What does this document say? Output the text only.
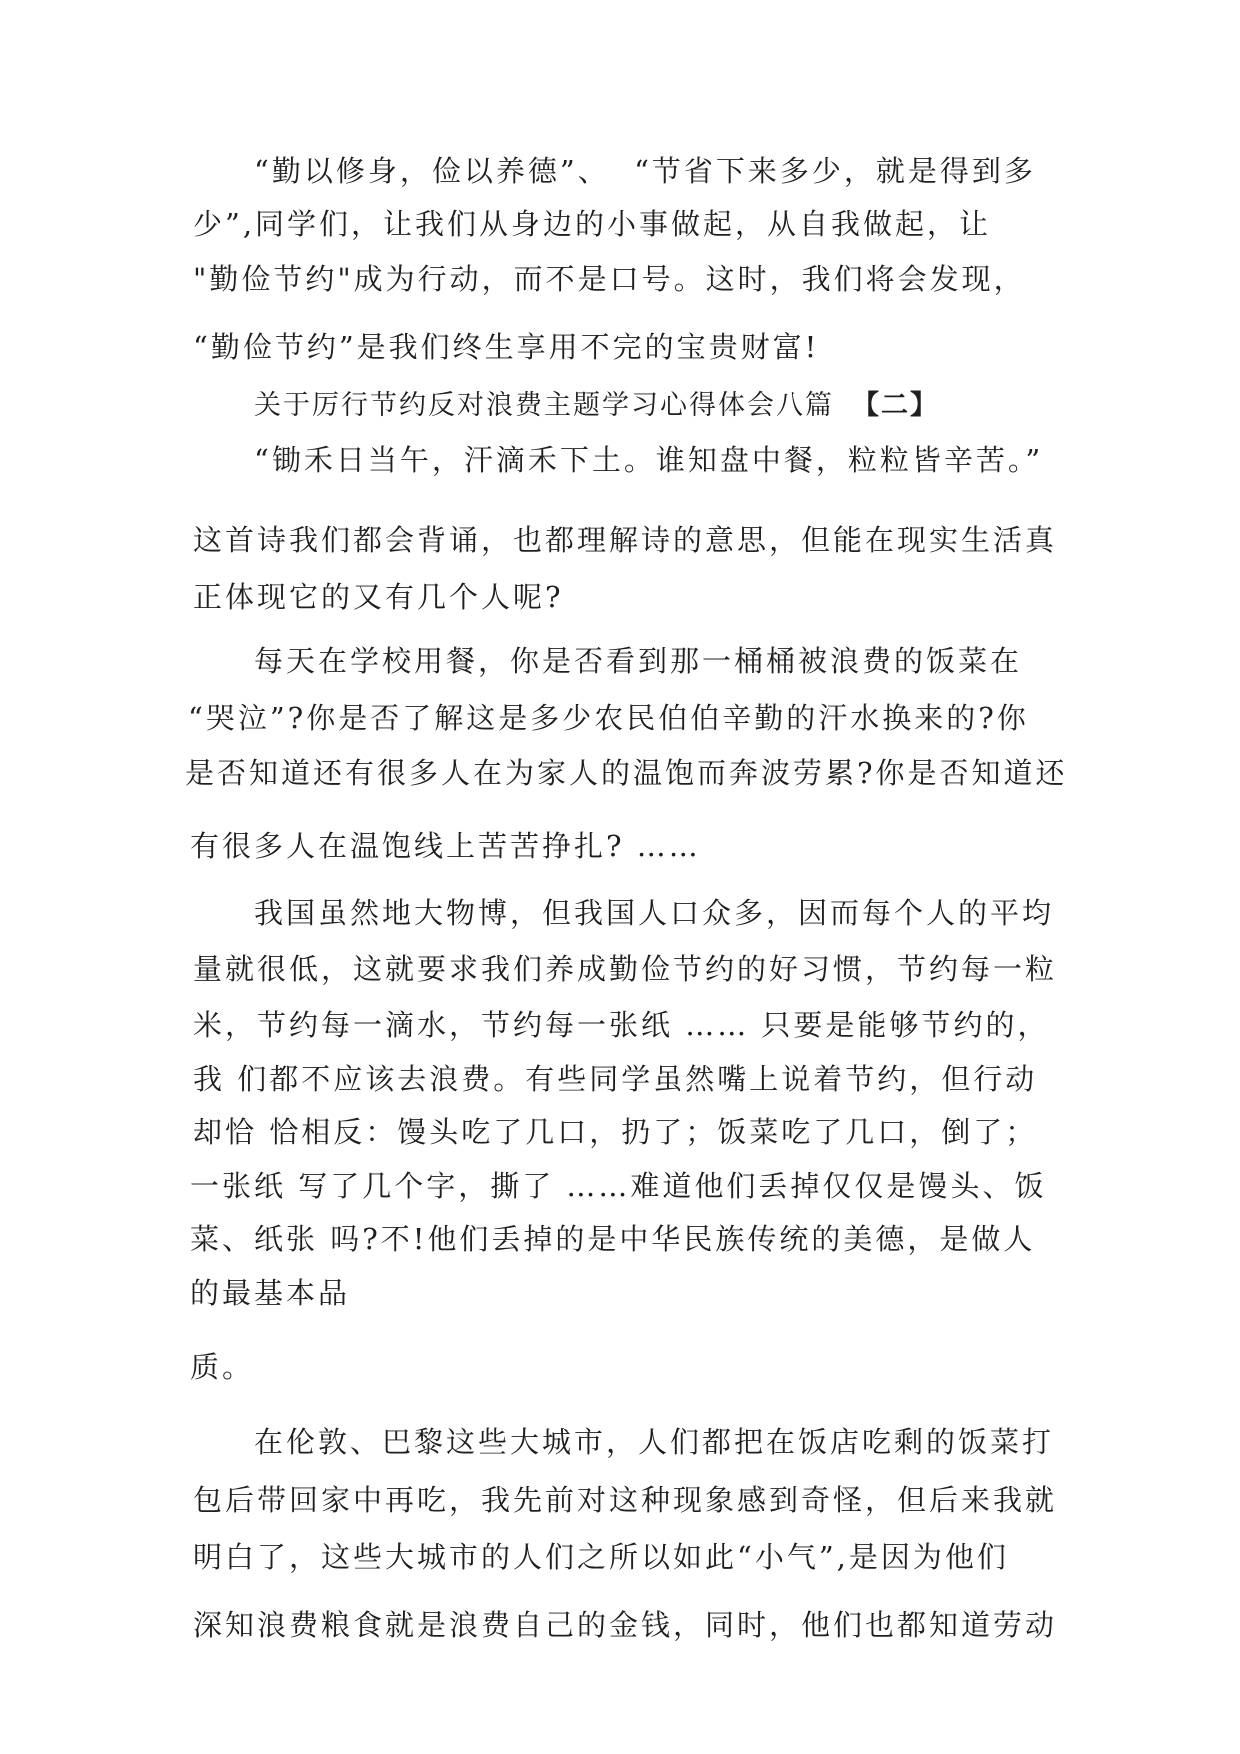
“勤以修身，俭以养德”、  “节省下来多少，就是得到多

少”,同学们，让我们从身边的小事做起，从自我做起，让

"勤俭节约"成为行动，而不是口号。这时，我们将会发现，

“勤俭节约”是我们终生享用不完的宝贵财富!

关于厉行节约反对浪费主题学习心得体会八篇 【二】

“锄禾日当午，汗滴禾下土。谁知盘中餐，粒粒皆辛苦。”

这首诗我们都会背诵，也都理解诗的意思，但能在现实生活真

正体现它的又有几个人呢?

每天在学校用餐，你是否看到那一桶桶被浪费的饭菜在

“哭泣”?你是否了解这是多少农民伯伯辛勤的汗水换来的?你

是否知道还有很多人在为家人的温饱而奔波劳累?你是否知道还

有很多人在温饱线上苦苦挣扎? ……

我国虽然地大物博，但我国人口众多，因而每个人的平均

量就很低，这就要求我们养成勤俭节约的好习惯，节约每一粒

米，节约每一滴水，节约每一张纸 …… 只要是能够节约的，

我 们都不应该去浪费。有些同学虽然嘴上说着节约，但行动

却恰 恰相反：馒头吃了几口，扔了；饭菜吃了几口，倒了；

一张纸 写了几个字，撕了 ……难道他们丢掉仅仅是馒头、饭

菜、纸张 吗?不!他们丢掉的是中华民族传统的美德，是做人

的最基本品

质。

在伦敦、巴黎这些大城市，人们都把在饭店吃剩的饭菜打

包后带回家中再吃，我先前对这种现象感到奇怪，但后来我就

明白了，这些大城市的人们之所以如此“小气”,是因为他们

深知浪费粮食就是浪费自己的金钱，同时，他们也都知道劳动
